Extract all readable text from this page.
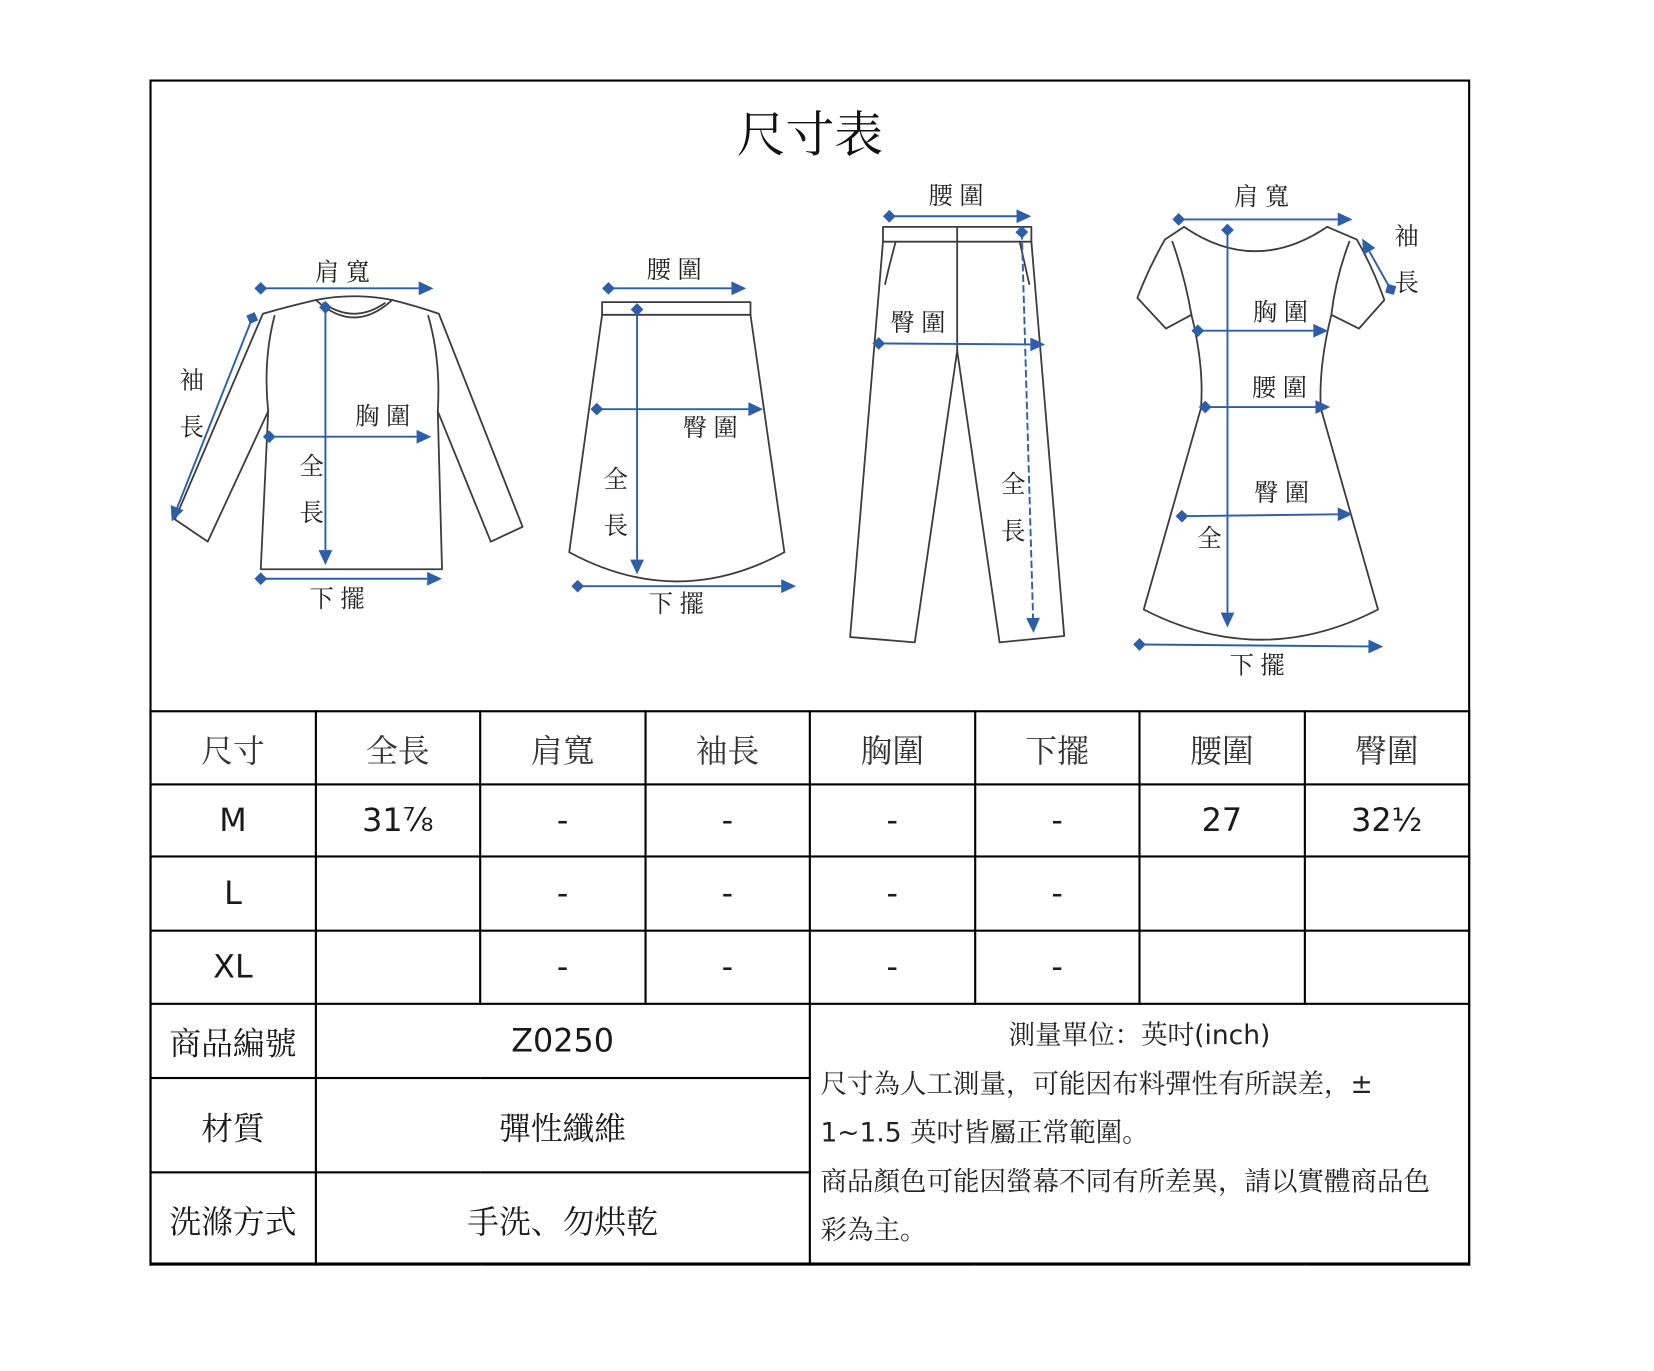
尺寸表
肩寬
袖長	胸圍
全長
下擺
腰圍
全長
臀圍
下擺
腰圍
臀圍
全長
肩寬
袖長
胸圍
腰圍
臀圍
全
下擺
尺寸	全長	肩寬	袖長	胸圍	下擺	腰圍	臀圍
M	31⅞	-	-	-	-	27	32½
L		-	-	-	-		
XL		-	-	-	-		
商品編號	Z0250			測量單位：英吋(inch)
尺寸為人工測量，可能因布料彈性有所誤差，±
1~1.5 英吋皆屬正常範圍。
商品顏色可能因螢幕不同有所差異，請以實體商品色
彩為主。			

材質	彈性纖維						
洗滌方式	手洗、勿烘乾						
